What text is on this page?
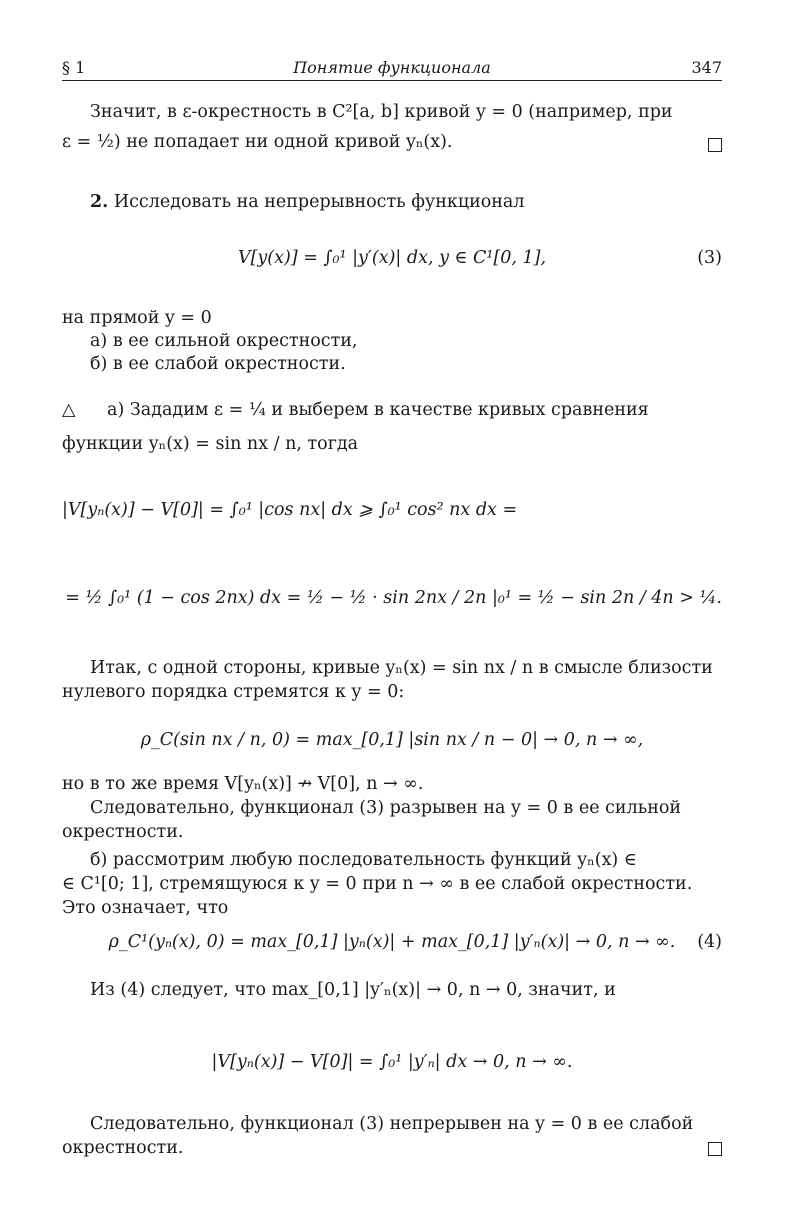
§ 1	Понятие функционала	347
Значит, в ε-окрестность в C²[a, b] кривой y = 0 (например, при
ε = ½) не попадает ни одной кривой yₙ(x).
2. Исследовать на непрерывность функционал
V[y(x)] = ∫₀¹ |y′(x)| dx, y ∈ C¹[0, 1],	(3)
на прямой y = 0
а) в ее сильной окрестности,
б) в ее слабой окрестности.
△ а) Зададим ε = ¼ и выберем в качестве кривых сравнения
функции yₙ(x) = sin nx / n, тогда
|V[yₙ(x)] − V[0]| = ∫₀¹ |cos nx| dx ⩾ ∫₀¹ cos² nx dx =
= ½ ∫₀¹ (1 − cos 2nx) dx = ½ − ½ · sin 2nx / 2n |₀¹ = ½ − sin 2n / 4n > ¼.
Итак, с одной стороны, кривые yₙ(x) = sin nx / n в смысле близости
нулевого порядка стремятся к y = 0:
ρ_C(sin nx / n, 0) = max_[0,1] |sin nx / n − 0| → 0, n → ∞,
но в то же время V[yₙ(x)] ↛ V[0], n → ∞.
Следовательно, функционал (3) разрывен на y = 0 в ее сильной
окрестности.
б) рассмотрим любую последовательность функций yₙ(x) ∈
∈ C¹[0; 1], стремящуюся к y = 0 при n → ∞ в ее слабой окрестности.
Это означает, что
ρ_C¹(yₙ(x), 0) = max_[0,1] |yₙ(x)| + max_[0,1] |y′ₙ(x)| → 0, n → ∞.	(4)
Из (4) следует, что max_[0,1] |y′ₙ(x)| → 0, n → 0, значит, и
|V[yₙ(x)] − V[0]| = ∫₀¹ |y′ₙ| dx → 0, n → ∞.
Следовательно, функционал (3) непрерывен на y = 0 в ее слабой
окрестности.
